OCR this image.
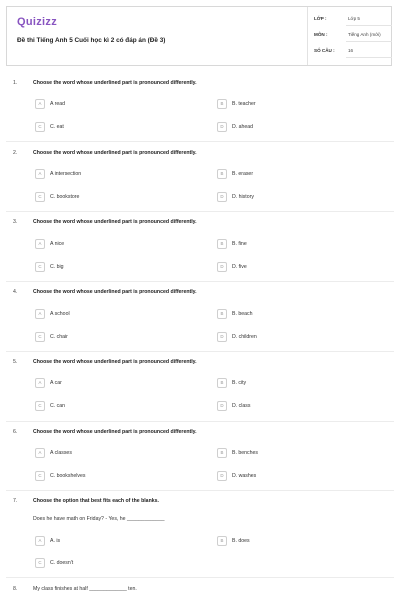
Quizizz
Đề thi Tiếng Anh 5 Cuối học kì 2 có đáp án (Đề 3)
LỚP :	Lớp 5
MÔN :	Tiếng Anh (mới)
SỐ CÂU :	16
1.	Choose the word whose underlined part is pronounced differently.
A	A read	B	B. teacher
C	C. eat	D	D. ahead
2.	Choose the word whose underlined part is pronounced differently.
A	A intersection	B	B. eraser
C	C. bookstore	D	D. history
3.	Choose the word whose underlined part is pronounced differently.
A	A nice	B	B. fine
C	C. big	D	D. five
4.	Choose the word whose underlined part is pronounced differently.
A	A school	B	B. beach
C	C. chair	D	D. children
5.	Choose the word whose underlined part is pronounced differently.
A	A car	B	B. city
C	C. can	D	D. class
6.	Choose the word whose underlined part is pronounced differently.
A	A classes	B	B. benches
C	C. bookshelves	D	D. washes
7.	Choose the option that best fits each of the blanks.
Does he have math on Friday? - Yes, he _____________
A	A. is	B	B. does
C	C. doesn't
8.	My class finishes at half _____________ ten.
